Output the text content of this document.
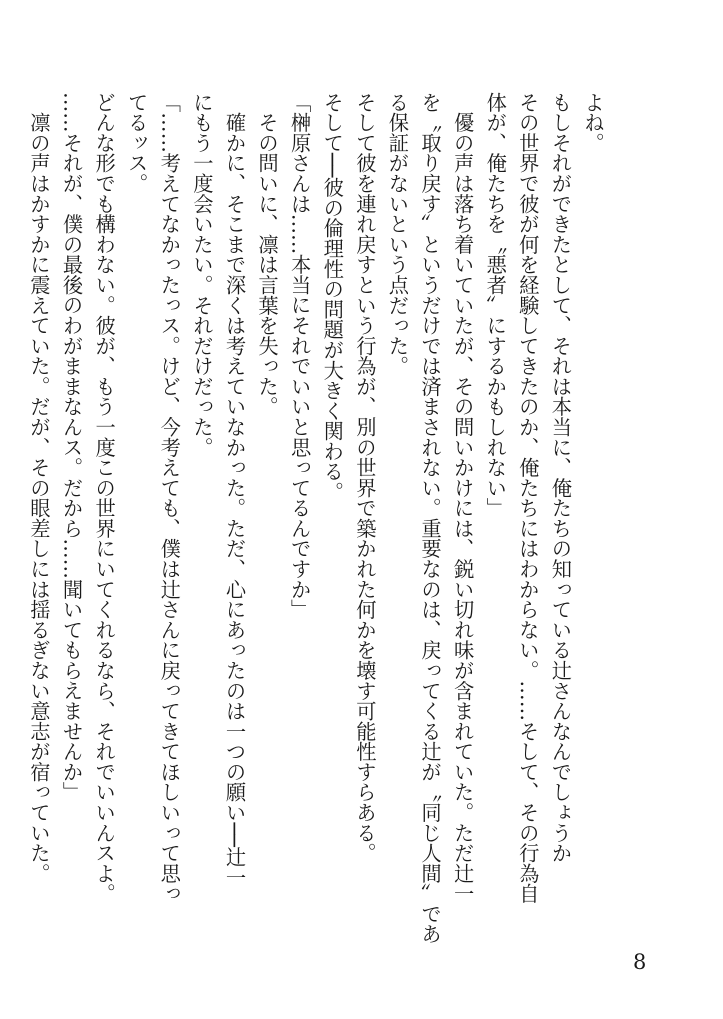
よね。

もしそれができたとして、それは本当に、俺たちの知っている辻さんなんでしょうか

その世界で彼が何を経験してきたのか、俺たちにはわからない。……そして、その行為自

体が、俺たちを〝悪者〟にするかもしれない」

　優の声は落ち着いていたが、その問いかけには、鋭い切れ味が含まれていた。ただ辻一

を〝取り戻す〟というだけでは済まされない。重要なのは、戻ってくる辻が〝同じ人間〟であ

る保証がないという点だった。

そして彼を連れ戻すという行為が、別の世界で築かれた何かを壊す可能性すらある。

そして──彼の倫理性の問題が大きく関わる。

「榊原さんは……本当にそれでいいと思ってるんですか」

　その問いに、凛は言葉を失った。

　確かに、そこまで深くは考えていなかった。ただ、心にあったのは一つの願い──辻一

にもう一度会いたい。それだけだった。

「……考えてなかったっス。けど、今考えても、僕は辻さんに戻ってきてほしいって思っ

てるッス。

どんな形でも構わない。彼が、もう一度この世界にいてくれるなら、それでいいんスよ。

……それが、僕の最後のわがままなんス。だから……聞いてもらえませんか」

　凛の声はかすかに震えていた。だが、その眼差しには揺るぎない意志が宿っていた。

8
